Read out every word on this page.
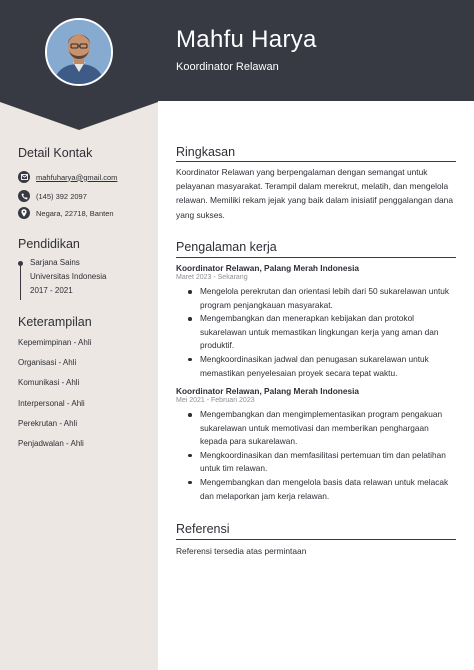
Mahfu Harya
Koordinator Relawan
Detail Kontak
mahfuharya@gmail.com
(145) 392 2097
Negara, 22718, Banten
Pendidikan
Sarjana Sains
Universitas Indonesia
2017 - 2021
Keterampilan
Kepemimpinan - Ahli
Organisasi - Ahli
Komunikasi - Ahli
Interpersonal - Ahli
Perekrutan - Ahli
Penjadwalan - Ahli
Ringkasan
Koordinator Relawan yang berpengalaman dengan semangat untuk pelayanan masyarakat. Terampil dalam merekrut, melatih, dan mengelola relawan. Memiliki rekam jejak yang baik dalam inisiatif penggalangan dana yang sukses.
Pengalaman kerja
Koordinator Relawan, Palang Merah Indonesia
Maret 2023 - Sekarang
Mengelola perekrutan dan orientasi lebih dari 50 sukarelawan untuk program penjangkauan masyarakat.
Mengembangkan dan menerapkan kebijakan dan protokol sukarelawan untuk memastikan lingkungan kerja yang aman dan produktif.
Mengkoordinasikan jadwal dan penugasan sukarelawan untuk memastikan penyelesaian proyek secara tepat waktu.
Koordinator Relawan, Palang Merah Indonesia
Mei 2021 - Februari 2023
Mengembangkan dan mengimplementasikan program pengakuan sukarelawan untuk memotivasi dan memberikan penghargaan kepada para sukarelawan.
Mengkoordinasikan dan memfasilitasi pertemuan tim dan pelatihan untuk tim relawan.
Mengembangkan dan mengelola basis data relawan untuk melacak dan melaporkan jam kerja relawan.
Referensi
Referensi tersedia atas permintaan
